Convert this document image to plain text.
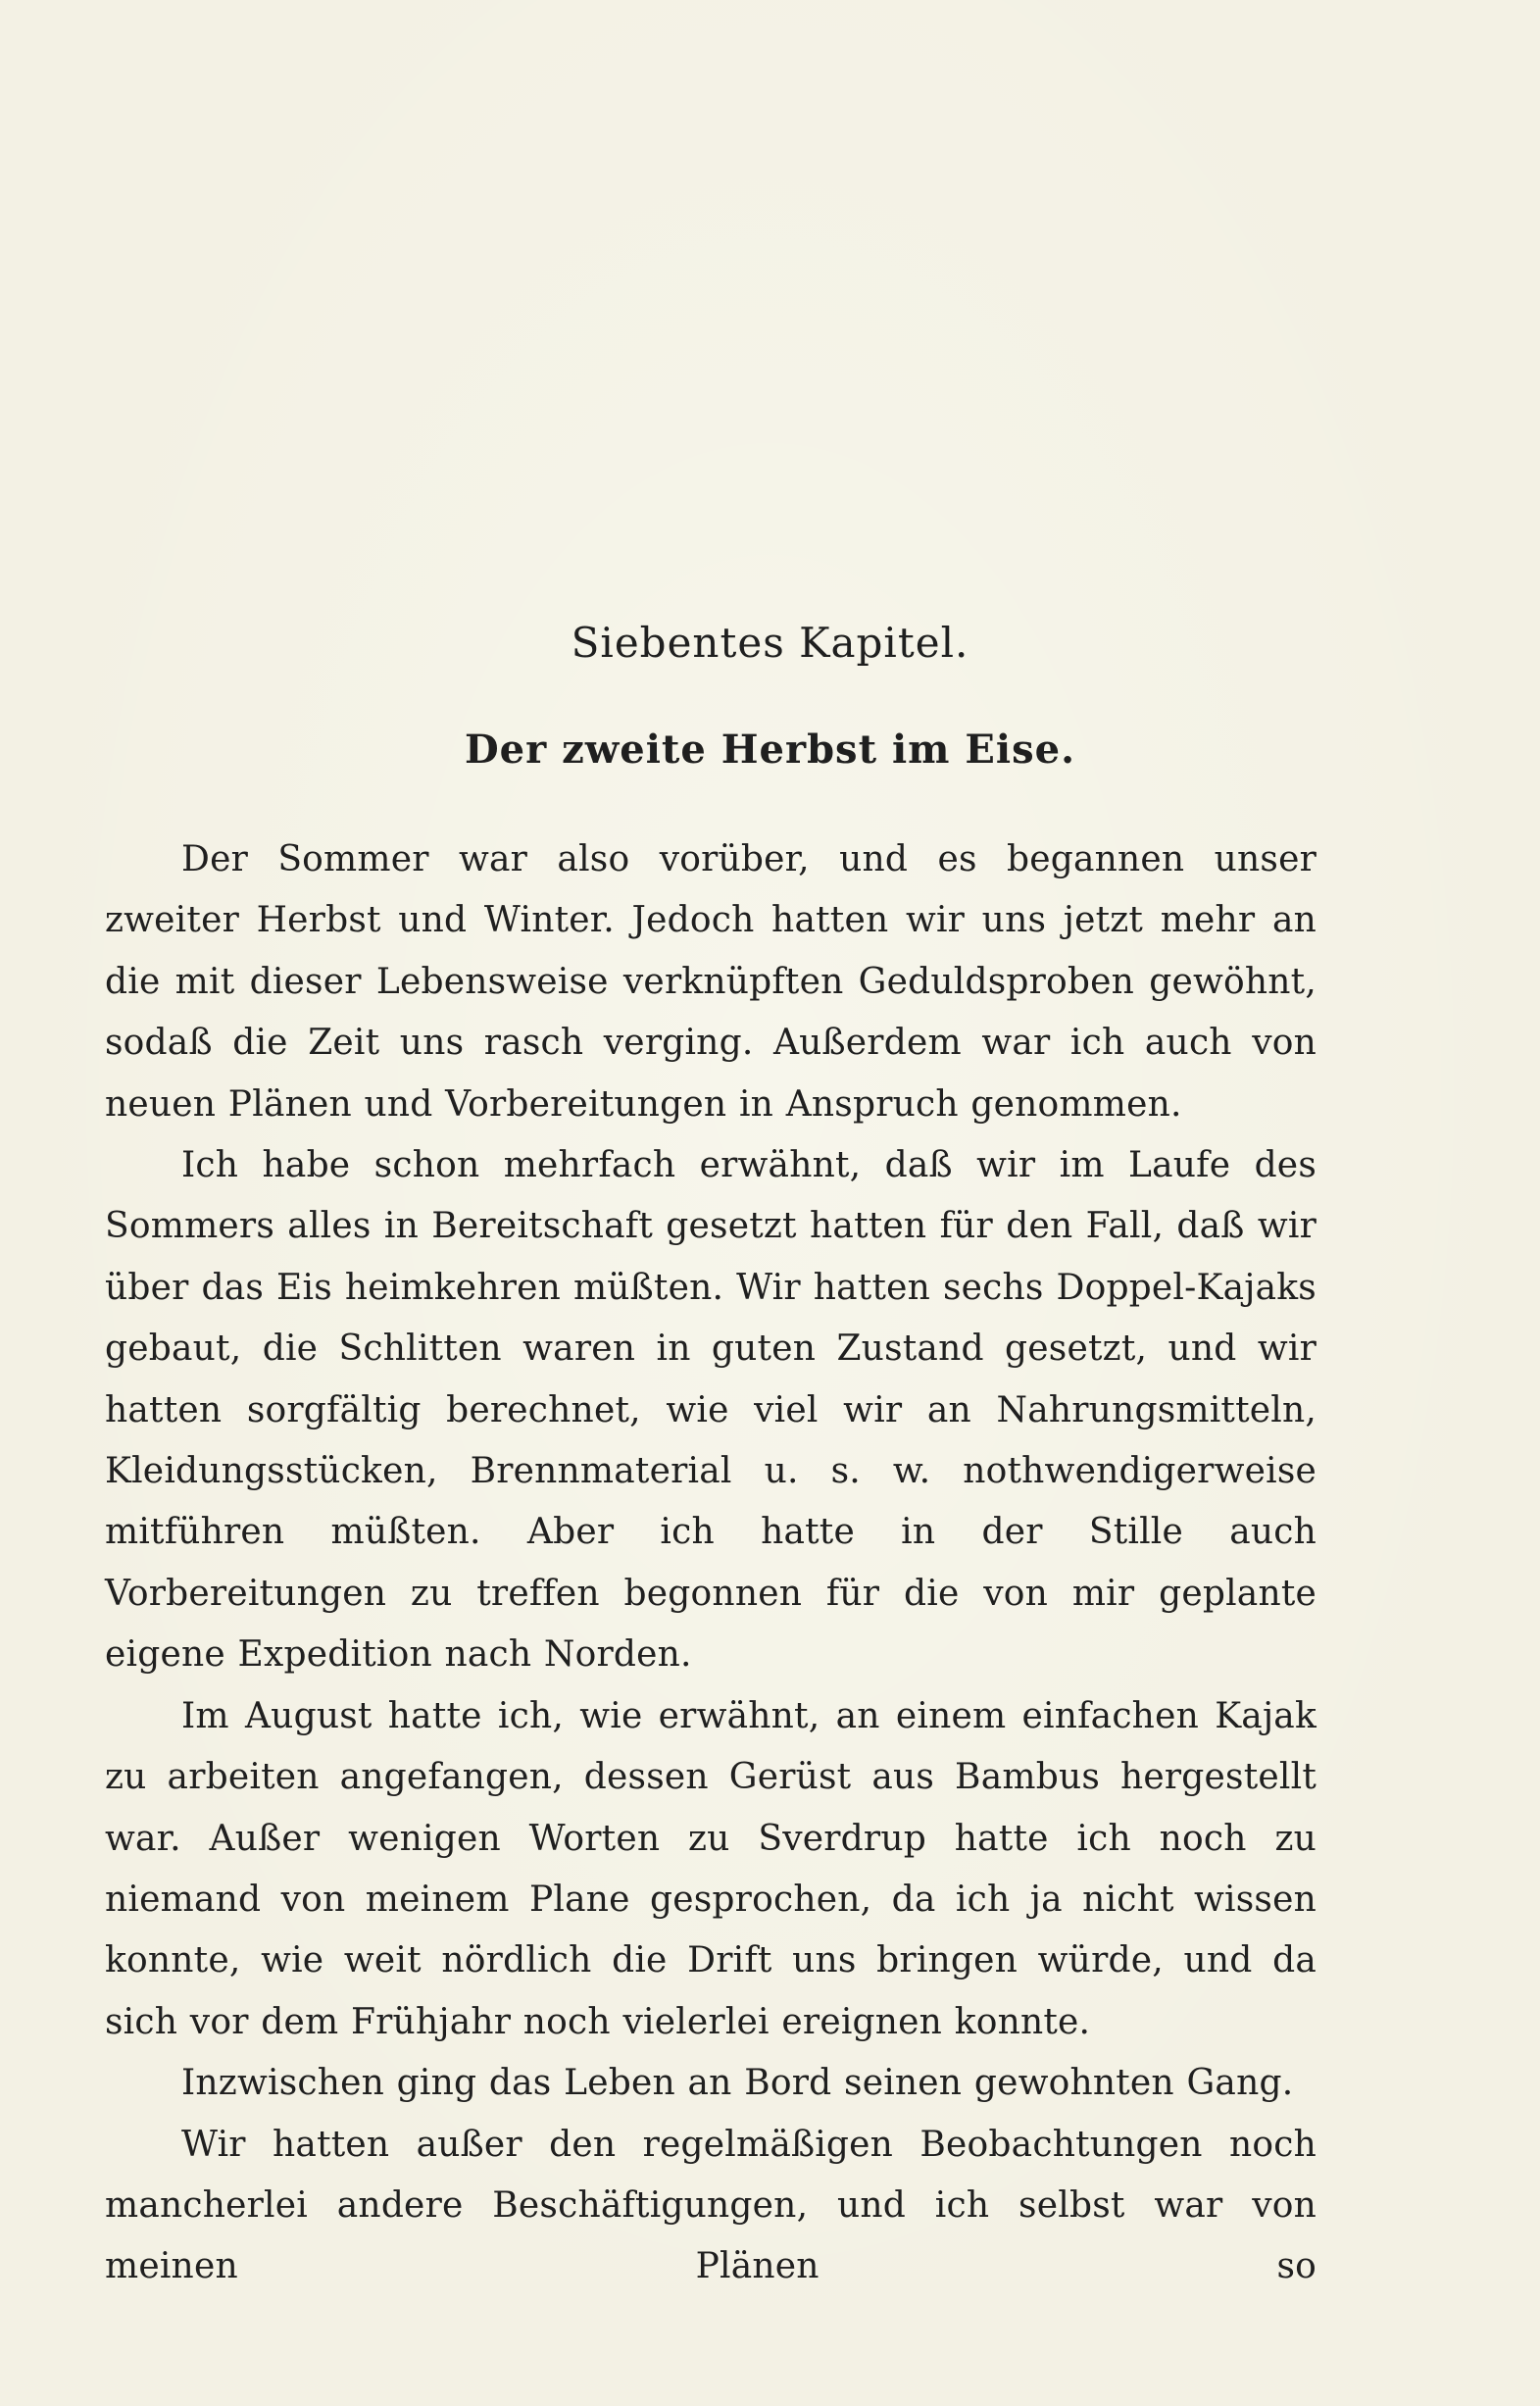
Siebentes Kapitel.
Der zweite Herbst im Eise.

Der Sommer war also vorüber, und es begannen unser zweiter Herbst und Winter. Jedoch hatten wir uns jetzt mehr an die mit dieser Lebensweise verknüpften Geduldsproben gewöhnt, sodaß die Zeit uns rasch verging. Außerdem war ich auch von neuen Plänen und Vorbereitungen in Anspruch genommen.

Ich habe schon mehrfach erwähnt, daß wir im Laufe des Sommers alles in Bereitschaft gesetzt hatten für den Fall, daß wir über das Eis heimkehren müßten. Wir hatten sechs Doppel-Kajaks gebaut, die Schlitten waren in guten Zustand gesetzt, und wir hatten sorgfältig berechnet, wie viel wir an Nahrungsmitteln, Kleidungsstücken, Brennmaterial u. s. w. nothwendigerweise mitführen müßten. Aber ich hatte in der Stille auch Vorbereitungen zu treffen begonnen für die von mir geplante eigene Expedition nach Norden.

Im August hatte ich, wie erwähnt, an einem einfachen Kajak zu arbeiten angefangen, dessen Gerüst aus Bambus hergestellt war. Außer wenigen Worten zu Sverdrup hatte ich noch zu niemand von meinem Plane gesprochen, da ich ja nicht wissen konnte, wie weit nördlich die Drift uns bringen würde, und da sich vor dem Frühjahr noch vielerlei ereignen konnte.

Inzwischen ging das Leben an Bord seinen gewohnten Gang.

Wir hatten außer den regelmäßigen Beobachtungen noch mancherlei andere Beschäftigungen, und ich selbst war von meinen Plänen so
